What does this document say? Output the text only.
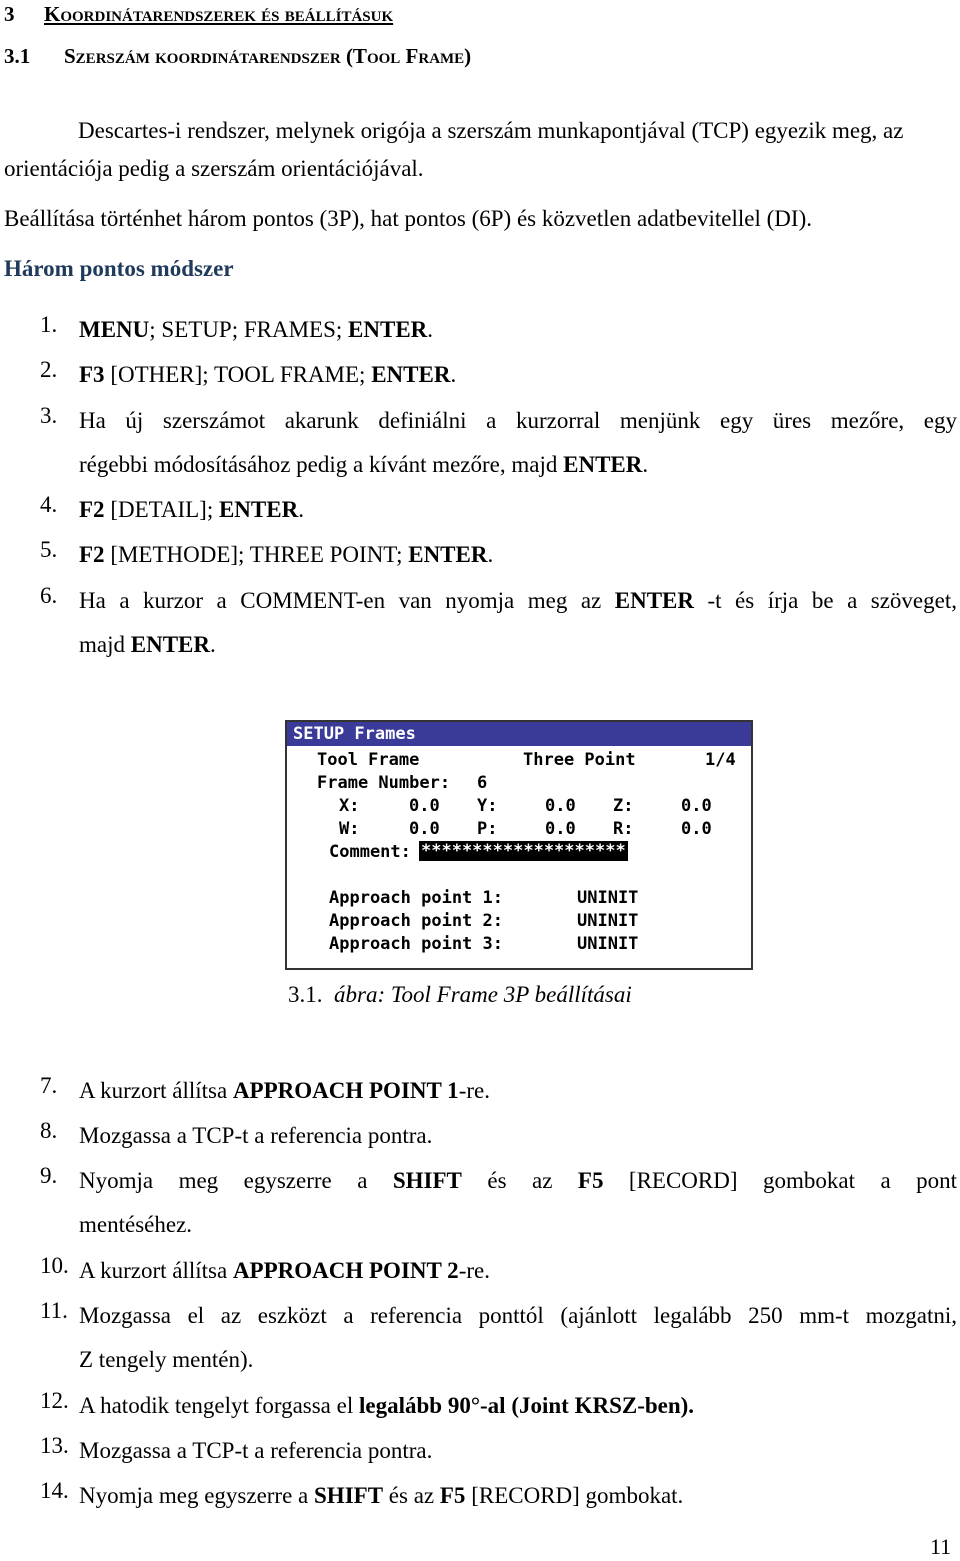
3 Koordinátarendszerek és beállításuk
3.1 Szerszám koordinátarendszer (Tool Frame)
Descartes-i rendszer, melynek origója a szerszám munkapontjával (TCP) egyezik meg, az orientációja pedig a szerszám orientációjával.
Beállítása történhet három pontos (3P), hat pontos (6P) és közvetlen adatbevitellel (DI).
Három pontos módszer
1. MENU; SETUP; FRAMES; ENTER.
2. F3 [OTHER]; TOOL FRAME; ENTER.
3. Ha új szerszámot akarunk definiálni a kurzorral menjünk egy üres mezőre, egy
régebbi módosításához pedig a kívánt mezőre, majd ENTER.
4. F2 [DETAIL]; ENTER.
5. F2 [METHODE]; THREE POINT; ENTER.
6. Ha a kurzor a COMMENT-en van nyomja meg az ENTER -t és írja be a szöveget,
majd ENTER.
SETUP Frames
Tool Frame	Three Point	1/4
Frame Number: 6
X:	0.0 Y:	0.0 Z:	0.0
W:	0.0 P:	0.0 R:	0.0
Comment: ********************
Approach point 1:	UNINIT
Approach point 2:	UNINIT
Approach point 3:	UNINIT
3.1. ábra: Tool Frame 3P beállításai
7. A kurzort állítsa APPROACH POINT 1-re.
8. Mozgassa a TCP-t a referencia pontra.
9. Nyomja meg egyszerre a SHIFT és az F5 [RECORD] gombokat a pont
mentéséhez.
10. A kurzort állítsa APPROACH POINT 2-re.
11. Mozgassa el az eszközt a referencia ponttól (ajánlott legalább 250 mm-t mozgatni,
Z tengely mentén).
12. A hatodik tengelyt forgassa el legalább 90°-al (Joint KRSZ-ben).
13. Mozgassa a TCP-t a referencia pontra.
14. Nyomja meg egyszerre a SHIFT és az F5 [RECORD] gombokat.
11
